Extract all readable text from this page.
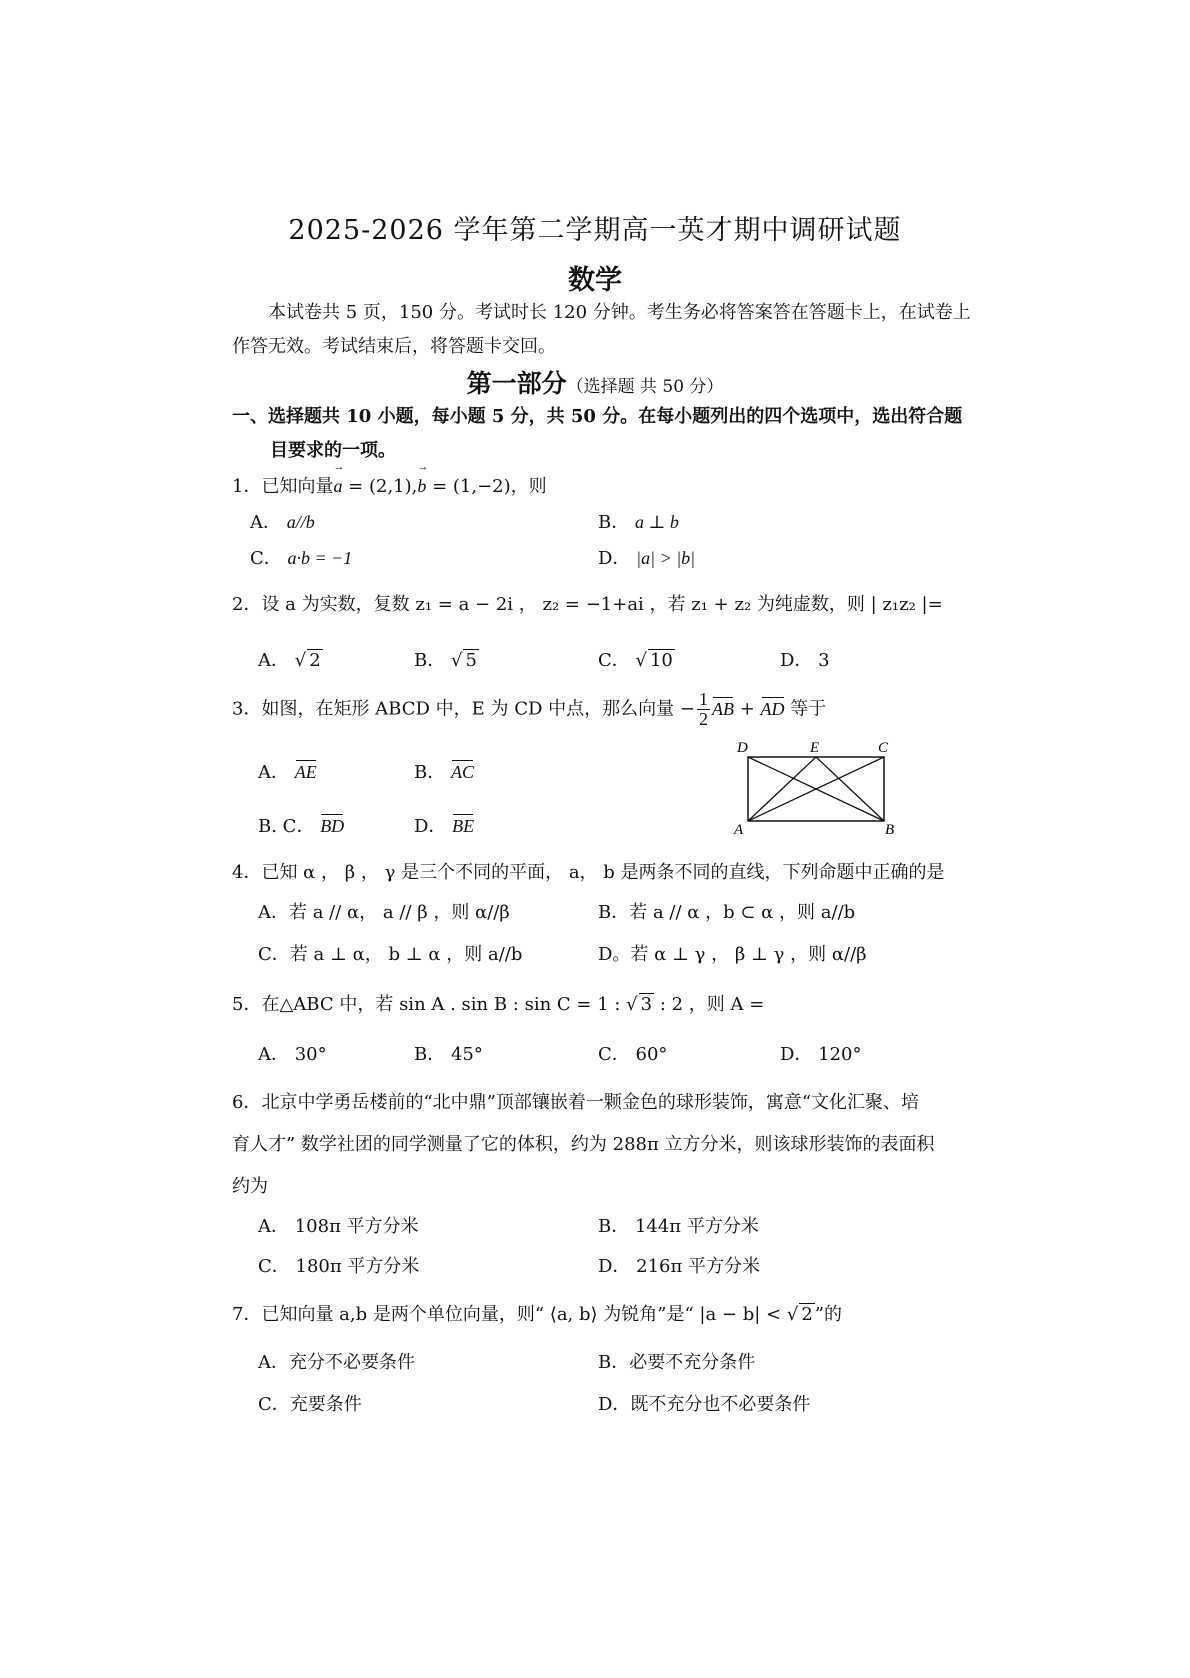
2025-2026 学年第二学期高一英才期中调研试题
数学
本试卷共 5 页，150 分。考试时长 120 分钟。考生务必将答案答在答题卡上，在试卷上
作答无效。考试结束后，将答题卡交回。
第一部分（选择题 共 50 分）
一、选择题共 10 小题，每小题 5 分，共 50 分。在每小题列出的四个选项中，选出符合题
目要求的一项。
1．已知向量a → = (2,1),b → = (1,−2)，则
A． a//b	B． a ⊥ b
C． a·b = −1	D． |a| > |b|
2．设 a 为实数，复数 z₁ = a − 2i ， z₂ = −1+ai ，若 z₁ + z₂ 为纯虚数，则 | z₁z₂ |=
A． √ 2	B． √ 5	C． √ 10	D． 3
3．如图，在矩形 ABCD 中，E 为 CD 中点，那么向量 − $\frac{1}{2}$ AB + AD 等于
A． AE	B． AC
B. C． BD	D． BE
D	E	C
A	B
4．已知 α ， β ， γ 是三个不同的平面， a， b 是两条不同的直线，下列命题中正确的是
A．若 a // α， a // β ，则 α//β	B．若 a // α ，b ⊂ α ，则 a//b
C．若 a ⊥ α， b ⊥ α ，则 a//b	D。若 α ⊥ γ ， β ⊥ γ ，则 α//β
5．在△ABC 中，若 sin A . sin B : sin C = 1 : √ 3 : 2 ，则 A =
A． 30°	B． 45°	C． 60°	D． 120°
6．北京中学勇岳楼前的“北中鼎”顶部镶嵌着一颗金色的球形装饰，寓意“文化汇聚、培
育人才” 数学社团的同学测量了它的体积，约为 288π 立方分米，则该球形装饰的表面积
约为
A． 108π 平方分米	B． 144π 平方分米
C． 180π 平方分米	D． 216π 平方分米
7．已知向量 a,b 是两个单位向量，则“ ⟨a, b⟩ 为锐角”是“ |a − b| < √ 2 ”的
A．充分不必要条件	B．必要不充分条件
C．充要条件	D．既不充分也不必要条件
